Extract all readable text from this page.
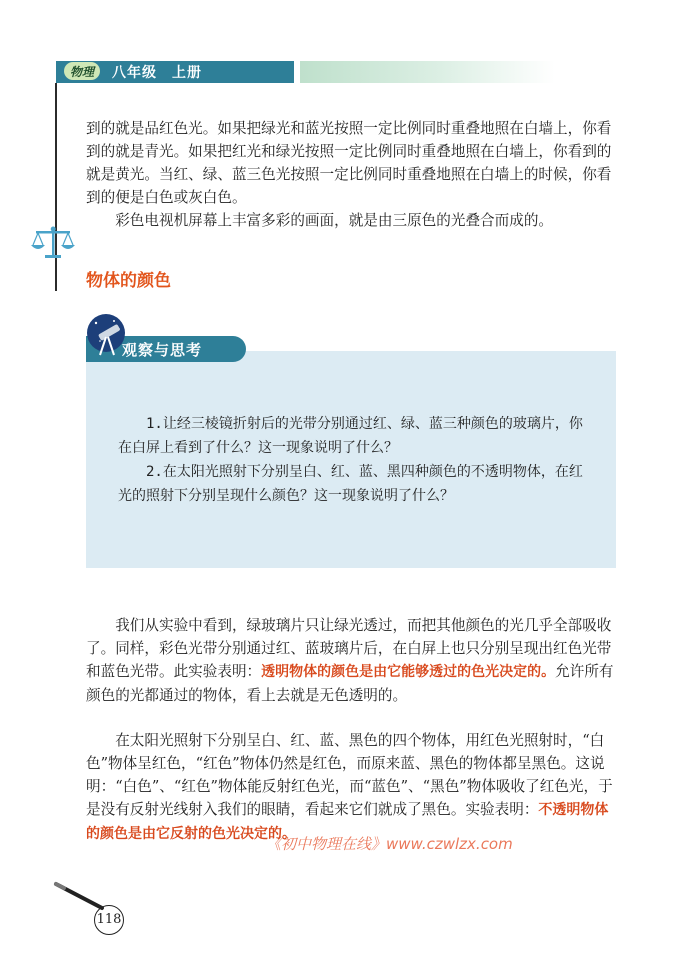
物理	八年级　上册

到的就是品红色光。如果把绿光和蓝光按照一定比例同时重叠地照在白墙上，你看到的就是青光。如果把红光和绿光按照一定比例同时重叠地照在白墙上，你看到的就是黄光。当红、绿、蓝三色光按照一定比例同时重叠地照在白墙上的时候，你看到的便是白色或灰白色。

彩色电视机屏幕上丰富多彩的画面，就是由三原色的光叠合而成的。

物体的颜色
观察与思考

1.让经三棱镜折射后的光带分别通过红、绿、蓝三种颜色的玻璃片，你在白屏上看到了什么？这一现象说明了什么？

2.在太阳光照射下分别呈白、红、蓝、黑四种颜色的不透明物体，在红光的照射下分别呈现什么颜色？这一现象说明了什么？

我们从实验中看到，绿玻璃片只让绿光透过，而把其他颜色的光几乎全部吸收了。同样，彩色光带分别通过红、蓝玻璃片后，在白屏上也只分别呈现出红色光带和蓝色光带。此实验表明：透明物体的颜色是由它能够透过的色光决定的。允许所有颜色的光都通过的物体，看上去就是无色透明的。

在太阳光照射下分别呈白、红、蓝、黑色的四个物体，用红色光照射时，“白色”物体呈红色，“红色”物体仍然是红色，而原来蓝、黑色的物体都呈黑色。这说明：“白色”、“红色”物体能反射红色光，而“蓝色”、“黑色”物体吸收了红色光，于是没有反射光线射入我们的眼睛，看起来它们就成了黑色。实验表明：不透明物体的颜色是由它反射的色光决定的。

《初中物理在线》www.czwlzx.com
118
